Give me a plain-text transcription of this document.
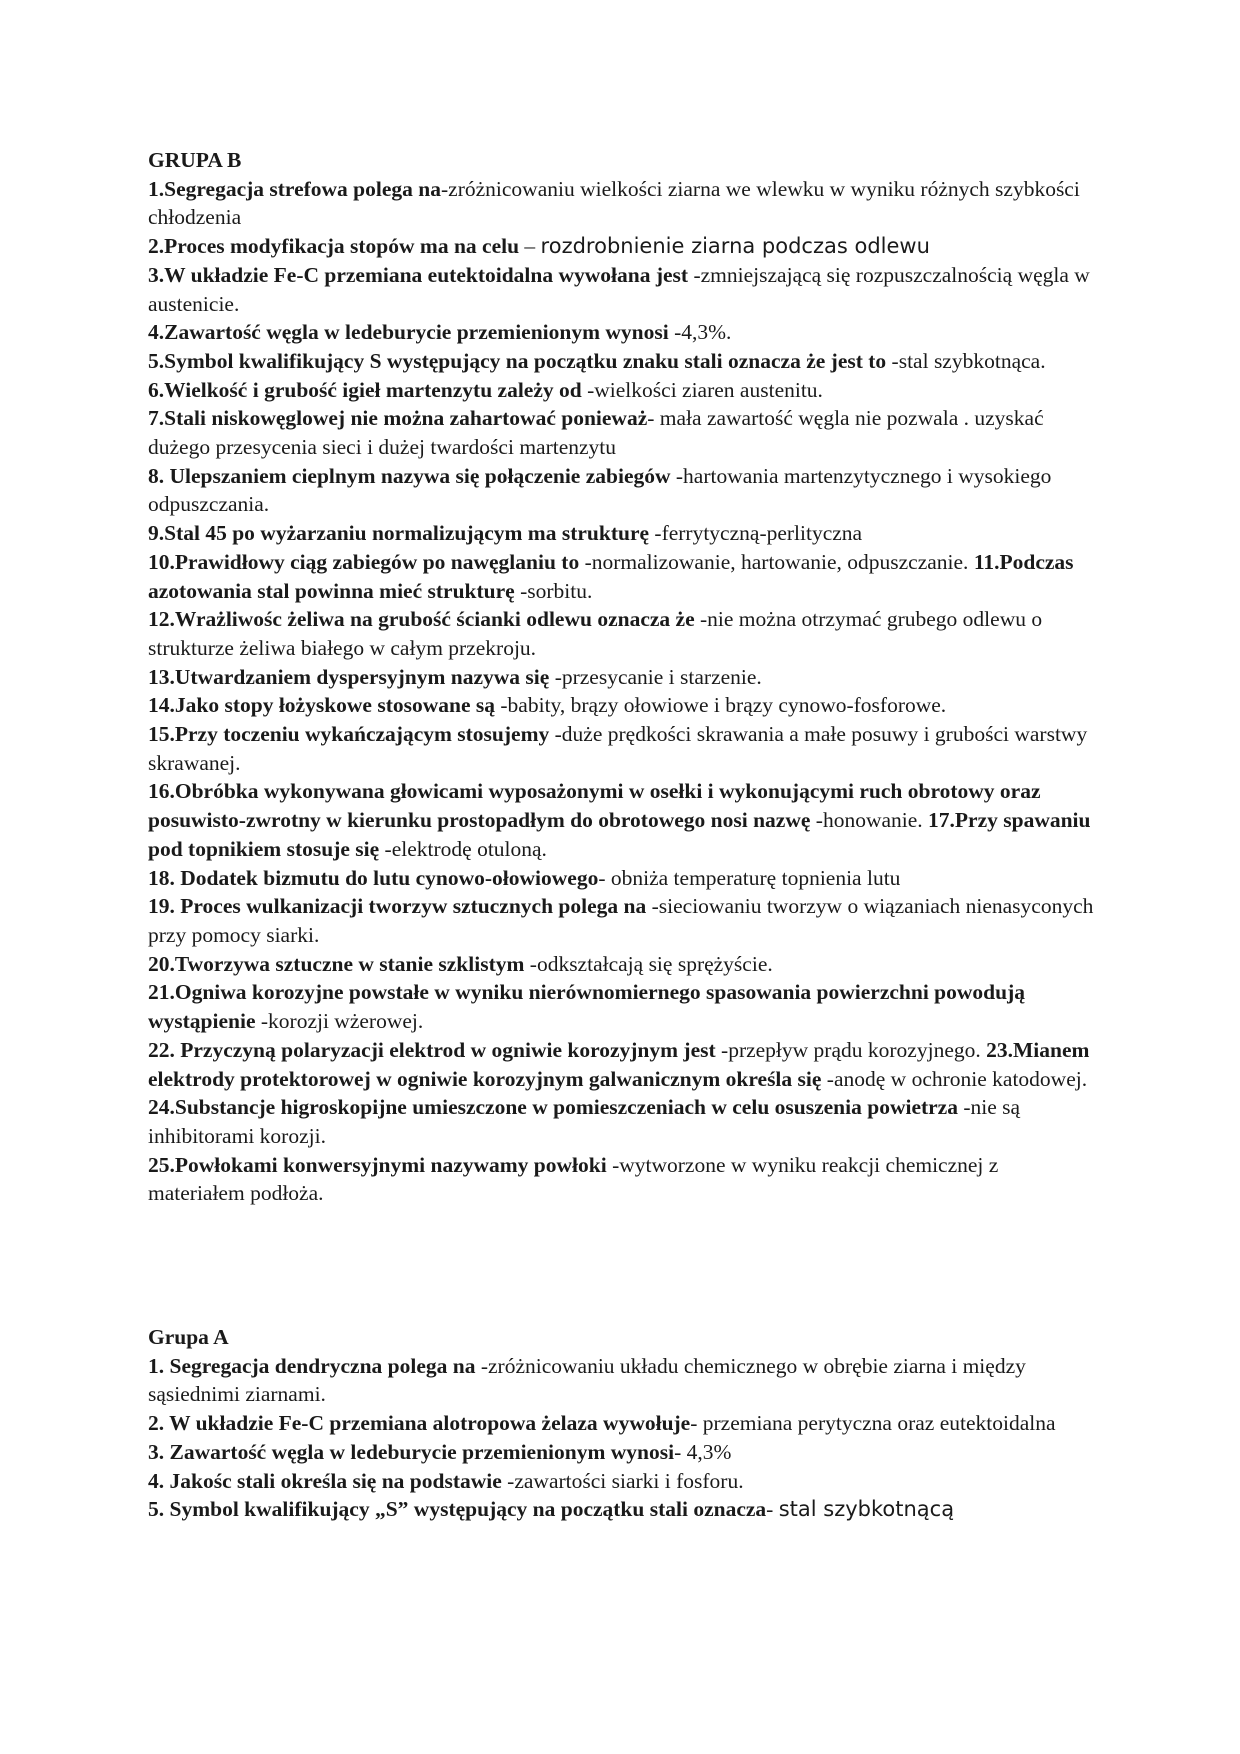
GRUPA B

1.Segregacja strefowa polega na-zróżnicowaniu wielkości ziarna we wlewku w wyniku różnych szybkości chłodzenia

2.Proces modyfikacja stopów ma na celu – rozdrobnienie ziarna podczas odlewu

3.W układzie Fe-C przemiana eutektoidalna wywołana jest -zmniejszającą się rozpuszczalnością węgla w austenicie.

4.Zawartość węgla w ledeburycie przemienionym wynosi -4,3%.

5.Symbol kwalifikujący S występujący na początku znaku stali oznacza że jest to -stal szybkotnąca.

6.Wielkość i grubość igieł martenzytu zależy od -wielkości ziaren austenitu.

7.Stali niskowęglowej nie można zahartować ponieważ- mała zawartość węgla nie pozwala . uzyskać dużego przesycenia sieci i dużej twardości martenzytu

8. Ulepszaniem cieplnym nazywa się połączenie zabiegów -hartowania martenzytycznego i wysokiego odpuszczania.

9.Stal 45 po wyżarzaniu normalizującym ma strukturę -ferrytyczną-perlityczna

10.Prawidłowy ciąg zabiegów po nawęglaniu to -normalizowanie, hartowanie, odpuszczanie. 11.Podczas azotowania stal powinna mieć strukturę -sorbitu.

12.Wrażliwośc żeliwa na grubość ścianki odlewu oznacza że -nie można otrzymać grubego odlewu o strukturze żeliwa białego w całym przekroju.

13.Utwardzaniem dyspersyjnym nazywa się -przesycanie i starzenie.

14.Jako stopy łożyskowe stosowane są -babity, brązy ołowiowe i brązy cynowo-fosforowe.

15.Przy toczeniu wykańczającym stosujemy -duże prędkości skrawania a małe posuwy i grubości warstwy skrawanej.

16.Obróbka wykonywana głowicami wyposażonymi w osełki i wykonującymi ruch obrotowy oraz posuwisto-zwrotny w kierunku prostopadłym do obrotowego nosi nazwę -honowanie. 17.Przy spawaniu pod topnikiem stosuje się -elektrodę otuloną.

18. Dodatek bizmutu do lutu cynowo-ołowiowego- obniża temperaturę topnienia lutu

19. Proces wulkanizacji tworzyw sztucznych polega na -sieciowaniu tworzyw o wiązaniach nienasyconych przy pomocy siarki.

20.Tworzywa sztuczne w stanie szklistym -odkształcają się sprężyście.

21.Ogniwa korozyjne powstałe w wyniku nierównomiernego spasowania powierzchni powodują wystąpienie -korozji wżerowej.

22. Przyczyną polaryzacji elektrod w ogniwie korozyjnym jest -przepływ prądu korozyjnego. 23.Mianem elektrody protektorowej w ogniwie korozyjnym galwanicznym określa się -anodę w ochronie katodowej.

24.Substancje higroskopijne umieszczone w pomieszczeniach w celu osuszenia powietrza -nie są inhibitorami korozji.

25.Powłokami konwersyjnymi nazywamy powłoki -wytworzone w wyniku reakcji chemicznej z materiałem podłoża.

Grupa A

1. Segregacja dendryczna polega na -zróżnicowaniu układu chemicznego w obrębie ziarna i między sąsiednimi ziarnami.

2. W układzie Fe-C przemiana alotropowa żelaza wywołuje- przemiana perytyczna oraz eutektoidalna

3. Zawartość węgla w ledeburycie przemienionym wynosi- 4,3%

4. Jakośc stali określa się na podstawie -zawartości siarki i fosforu.

5. Symbol kwalifikujący „S” występujący na początku stali oznacza- stal szybkotnącą
